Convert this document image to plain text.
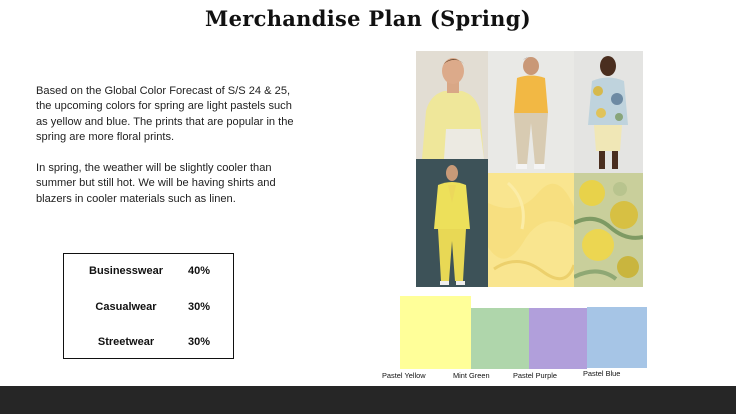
Merchandise Plan (Spring)

Based on the Global Color Forecast of S/S 24 & 25, the upcoming colors for spring are light pastels such as yellow and blue. The prints that are popular in the spring are more floral prints.

In spring, the weather will be slightly cooler than summer but still hot. We will be having shirts and blazers in cooler materials such as linen.

Businesswear	40%
Casualwear	30%
Streetwear	30%
Pastel Yellow	Mint Green	Pastel Purple	Pastel Blue
